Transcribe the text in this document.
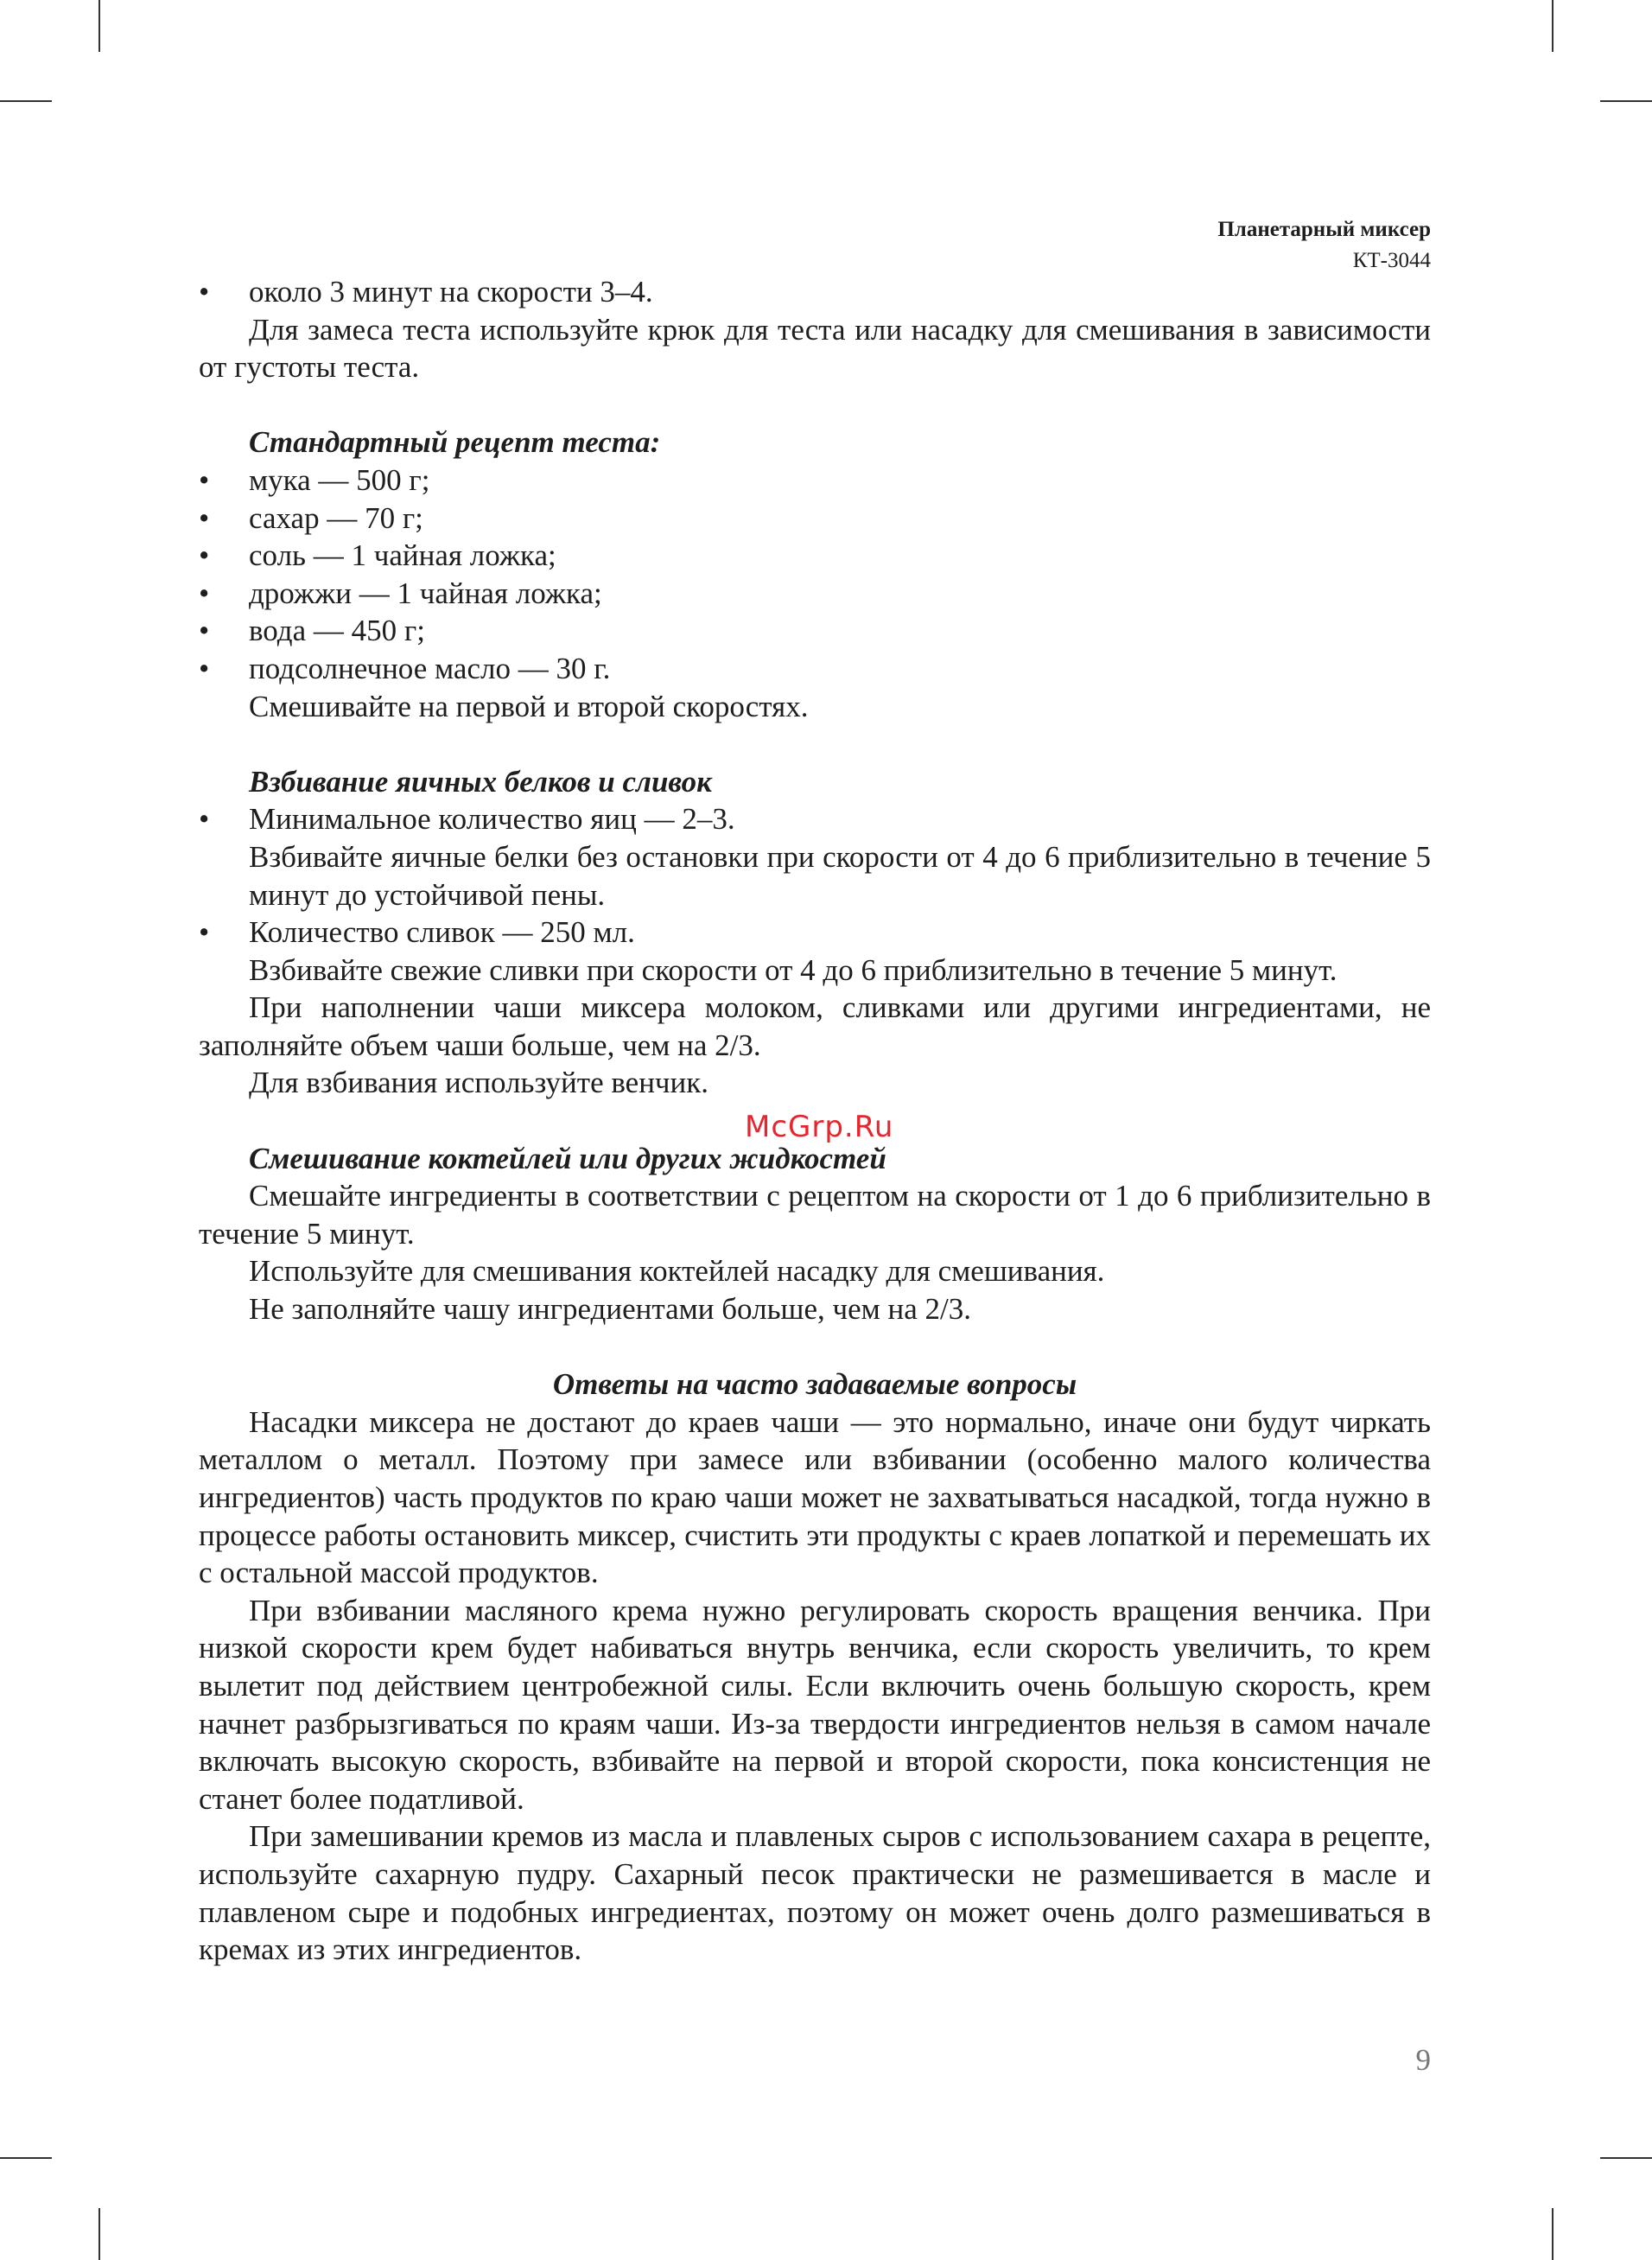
Планетарный миксер
КТ-3044

• около 3 минут на скорости 3–4.

Для замеса теста используйте крюк для теста или насадку для смешивания в зависимости от густоты теста.

Стандартный рецепт теста:

• мука — 500 г;

• сахар — 70 г;

• соль — 1 чайная ложка;

• дрожжи — 1 чайная ложка;

• вода — 450 г;

• подсолнечное масло — 30 г.

Смешивайте на первой и второй скоростях.

Взбивание яичных белков и сливок

• Минимальное количество яиц — 2–3.

Взбивайте яичные белки без остановки при скорости от 4 до 6 приблизительно в течение 5 минут до устойчивой пены.

• Количество сливок — 250 мл.

Взбивайте свежие сливки при скорости от 4 до 6 приблизительно в течение 5 минут.

При наполнении чаши миксера молоком, сливками или другими ингредиентами, не заполняйте объем чаши больше, чем на 2/3.

Для взбивания используйте венчик.

Смешивание коктейлей или других жидкостей

Смешайте ингредиенты в соответствии с рецептом на скорости от 1 до 6 приблизительно в течение 5 минут.

Используйте для смешивания коктейлей насадку для смешивания.

Не заполняйте чашу ингредиентами больше, чем на 2/3.

Ответы на часто задаваемые вопросы

Насадки миксера не достают до краев чаши — это нормально, иначе они будут чиркать металлом о металл. Поэтому при замесе или взбивании (особенно малого количества ингредиентов) часть продуктов по краю чаши может не захватываться насадкой, тогда нужно в процессе работы остановить миксер, счистить эти продукты с краев лопаткой и перемешать их с остальной массой продуктов.

При взбивании масляного крема нужно регулировать скорость вращения венчика. При низкой скорости крем будет набиваться внутрь венчика, если скорость увеличить, то крем вылетит под действием центробежной силы. Если включить очень большую скорость, крем начнет разбрызгиваться по краям чаши. Из-за твердости ингредиентов нельзя в самом начале включать высокую скорость, взбивайте на первой и второй скорости, пока консистенция не станет более податливой.

При замешивании кремов из масла и плавленых сыров с использованием сахара в рецепте, используйте сахарную пудру. Сахарный песок практически не размешивается в масле и плавленом сыре и подобных ингредиентах, поэтому он может очень долго размешиваться в кремах из этих ингредиентов.

McGrp.Ru
9
